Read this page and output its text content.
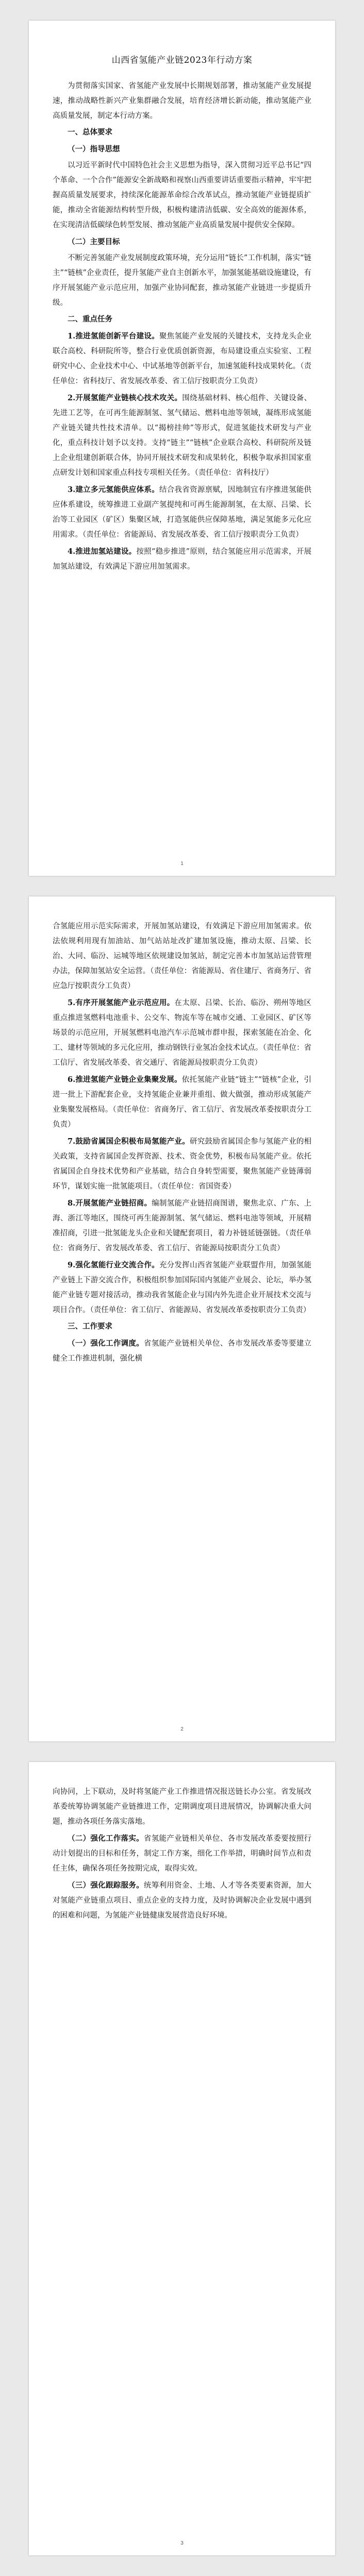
山西省氢能产业链2023年行动方案

为贯彻落实国家、省氢能产业发展中长期规划部署，推动氢能产业发展提速，推动战略性新兴产业集群融合发展，培育经济增长新动能，推动氢能产业高质量发展，制定本行动方案。

一、总体要求

（一）指导思想

以习近平新时代中国特色社会主义思想为指导，深入贯彻习近平总书记“四个革命、一个合作”能源安全新战略和视察山西重要讲话重要指示精神，牢牢把握高质量发展要求，持续深化能源革命综合改革试点，推动氢能产业链提质扩能，推动全省能源结构转型升级，积极构建清洁低碳、安全高效的能源体系，在实现清洁低碳绿色转型发展、推动氢能产业高质量发展中提供安全保障。

（二）主要目标

不断完善氢能产业发展制度政策环境，充分运用“链长”工作机制，落实“链主”“链核”企业责任，提升氢能产业自主创新水平，加强氢能基础设施建设，有序开展氢能产业示范应用，加强产业协同配套，推动氢能产业链进一步提质升级。

二、重点任务

1.推进氢能创新平台建设。聚焦氢能产业发展的关键技术，支持龙头企业联合高校、科研院所等，整合行业优质创新资源，布局建设重点实验室、工程研究中心、企业技术中心、中试基地等创新平台，加速氢能科技成果转化。（责任单位：省科技厅、省发展改革委、省工信厅按职责分工负责）

2.开展氢能产业链核心技术攻关。围绕基础材料、核心组件、关键设备、先进工艺等，在可再生能源制氢、氢气储运、燃料电池等领域，凝练形成氢能产业链关键共性技术清单。以“揭榜挂帅”等形式，促进氢能技术研发与产业化，重点科技计划予以支持。支持“链主”“链核”企业联合高校、科研院所及链上企业组建创新联合体，协同开展技术研发和成果转化，积极争取承担国家重点研发计划和国家重点科技专项相关任务。（责任单位：省科技厅）

3.建立多元氢能供应体系。结合我省资源禀赋，因地制宜有序推进氢能供应体系建设，统筹推进工业副产氢提纯和可再生能源制氢，在太原、吕梁、长治等工业园区（矿区）集聚区域，打造氢能供应保障基地，满足氢能多元化应用需求。（责任单位：省能源局、省发展改革委、省工信厅按职责分工负责）

4.推进加氢站建设。按照“稳步推进”原则，结合氢能应用示范需求，开展加氢站建设，有效满足下游应用加氢需求。

1

合氢能应用示范实际需求，开展加氢站建设，有效满足下游应用加氢需求。依法依规利用现有加油站、加气站站址改扩建加氢设施，推动太原、吕梁、长治、大同、临汾、运城等地区依规建设加氢站，制定完善本市加氢站运营管理办法，保障加氢站安全运营。（责任单位：省能源局、省住建厅、省商务厅、省应急厅按职责分工负责）

5.有序开展氢能产业示范应用。在太原、吕梁、长治、临汾、朔州等地区重点推进氢燃料电池重卡、公交车、物流车等在城市交通、工业园区、矿区等场景的示范应用，开展氢燃料电池汽车示范城市群申报，探索氢能在冶金、化工、建材等领域的多元化应用，推动钢铁行业氢冶金技术试点。（责任单位：省工信厅、省发展改革委、省交通厅、省能源局按职责分工负责）

6.推进氢能产业链企业集聚发展。依托氢能产业链“链主”“链核”企业，引进一批上下游配套企业，支持氢能企业兼并重组、做大做强，推动形成氢能产业集聚发展格局。（责任单位：省商务厅、省工信厅、省发展改革委按职责分工负责）

7.鼓励省属国企积极布局氢能产业。研究鼓励省属国企参与氢能产业的相关政策，支持省属国企发挥资源、技术、资金优势，积极布局氢能产业。依托省属国企自身技术优势和产业基础，结合自身转型需要，聚焦氢能产业链薄弱环节，谋划实施一批氢能项目。（责任单位：省国资委）

8.开展氢能产业链招商。编制氢能产业链招商图谱，聚焦北京、广东、上海、浙江等地区，围绕可再生能源制氢、氢气储运、燃料电池等领域，开展精准招商，引进一批氢能龙头企业和关键配套项目，着力补链延链强链。（责任单位：省商务厅、省发展改革委、省工信厅、省能源局按职责分工负责）

9.强化氢能行业交流合作。充分发挥山西省氢能产业联盟作用，加强氢能产业链上下游交流合作，积极组织参加国际国内氢能产业展会、论坛，举办氢能产业链专题对接活动，推动我省氢能企业与国内外先进企业开展技术交流与项目合作。（责任单位：省工信厅、省能源局、省发展改革委按职责分工负责）

三、工作要求

（一）强化工作调度。省氢能产业链相关单位、各市发展改革委等要建立健全工作推进机制，强化横

2

向协同，上下联动，及时将氢能产业工作推进情况报送链长办公室。省发展改革委统筹协调氢能产业链推进工作，定期调度项目进展情况，协调解决重大问题，推动各项任务落实落地。

（二）强化工作落实。省氢能产业链相关单位、各市发展改革委要按照行动计划提出的目标和任务，制定工作方案，细化工作举措，明确时间节点和责任主体，确保各项任务按期完成，取得实效。

（三）强化跟踪服务。统筹利用资金、土地、人才等各类要素资源，加大对氢能产业链重点项目、重点企业的支持力度，及时协调解决企业发展中遇到的困难和问题，为氢能产业链健康发展营造良好环境。

3
